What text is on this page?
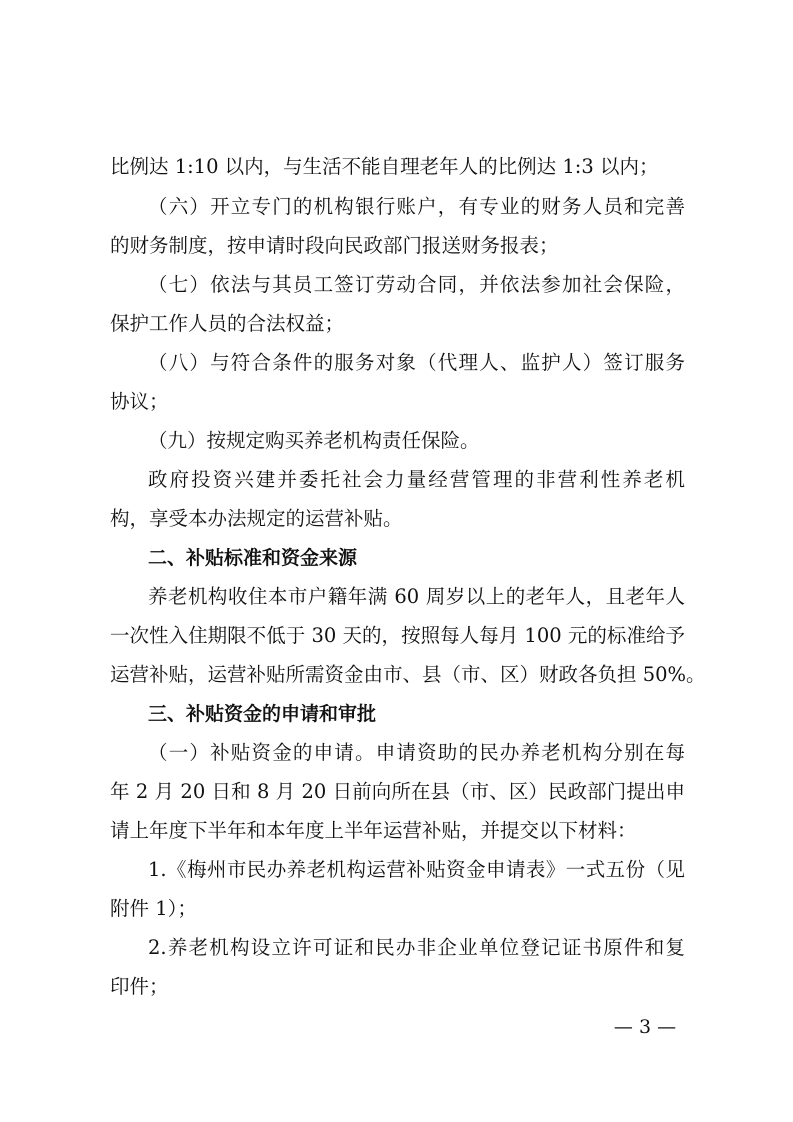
比例达 1:10 以内，与生活不能自理老年人的比例达 1:3 以内；
（六）开立专门的机构银行账户，有专业的财务人员和完善
的财务制度，按申请时段向民政部门报送财务报表；
（七）依法与其员工签订劳动合同，并依法参加社会保险，
保护工作人员的合法权益；
（八）与符合条件的服务对象（代理人、监护人）签订服务
协议；
（九）按规定购买养老机构责任保险。
政府投资兴建并委托社会力量经营管理的非营利性养老机
构，享受本办法规定的运营补贴。
二、补贴标准和资金来源
养老机构收住本市户籍年满 60 周岁以上的老年人，且老年人
一次性入住期限不低于 30 天的，按照每人每月 100 元的标准给予
运营补贴，运营补贴所需资金由市、县（市、区）财政各负担 50%。
三、补贴资金的申请和审批
（一）补贴资金的申请。申请资助的民办养老机构分别在每
年 2 月 20 日和 8 月 20 日前向所在县（市、区）民政部门提出申
请上年度下半年和本年度上半年运营补贴，并提交以下材料：
1.《梅州市民办养老机构运营补贴资金申请表》一式五份（见
附件 1）；
2.养老机构设立许可证和民办非企业单位登记证书原件和复
印件；
— 3 —
